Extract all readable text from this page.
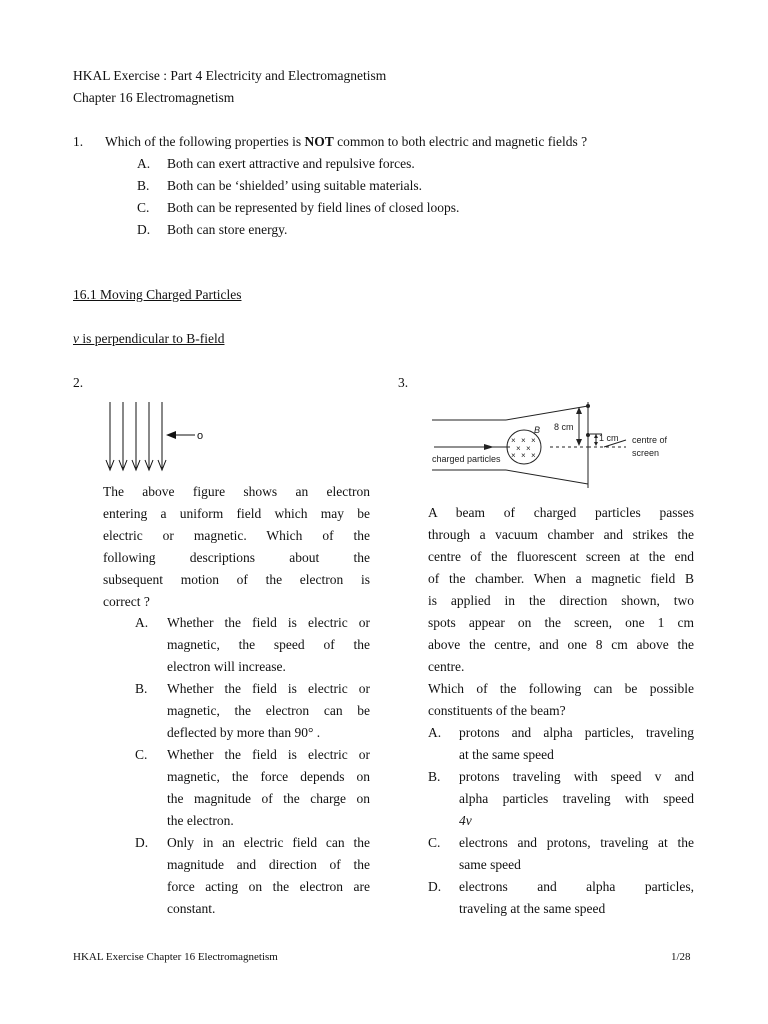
HKAL Exercise : Part 4 Electricity and Electromagnetism
Chapter 16 Electromagnetism
1. Which of the following properties is NOT common to both electric and magnetic fields ?
A. Both can exert attractive and repulsive forces.
B. Both can be ‘shielded’ using suitable materials.
C. Both can be represented by field lines of closed loops.
D. Both can store energy.
16.1 Moving Charged Particles
v is perpendicular to B-field
2.
o
The above figure shows an electron
entering a uniform field which may be
electric or magnetic. Which of the
following descriptions about the
subsequent motion of the electron is
correct ?
A. Whether the field is electric or
magnetic, the speed of the
electron will increase.
B. Whether the field is electric or
magnetic, the electron can be
deflected by more than 90° .
C. Whether the field is electric or
magnetic, the force depends on
the magnitude of the charge on
the electron.
D. Only in an electric field can the
magnitude and direction of the
force acting on the electron are
constant.
3.
× × ×
× ×
× × ×
B 8 cm
1 cm
charged particles
centre of
screen
A beam of charged particles passes
through a vacuum chamber and strikes the
centre of the fluorescent screen at the end
of the chamber. When a magnetic field B
is applied in the direction shown, two
spots appear on the screen, one 1 cm
above the centre, and one 8 cm above the
centre.
Which of the following can be possible
constituents of the beam?
A. protons and alpha particles, traveling
at the same speed
B. protons traveling with speed v and
alpha particles traveling with speed
4v
C. electrons and protons, traveling at the
same speed
D. electrons and alpha particles,
traveling at the same speed
HKAL Exercise Chapter 16 Electromagnetism	1/28
